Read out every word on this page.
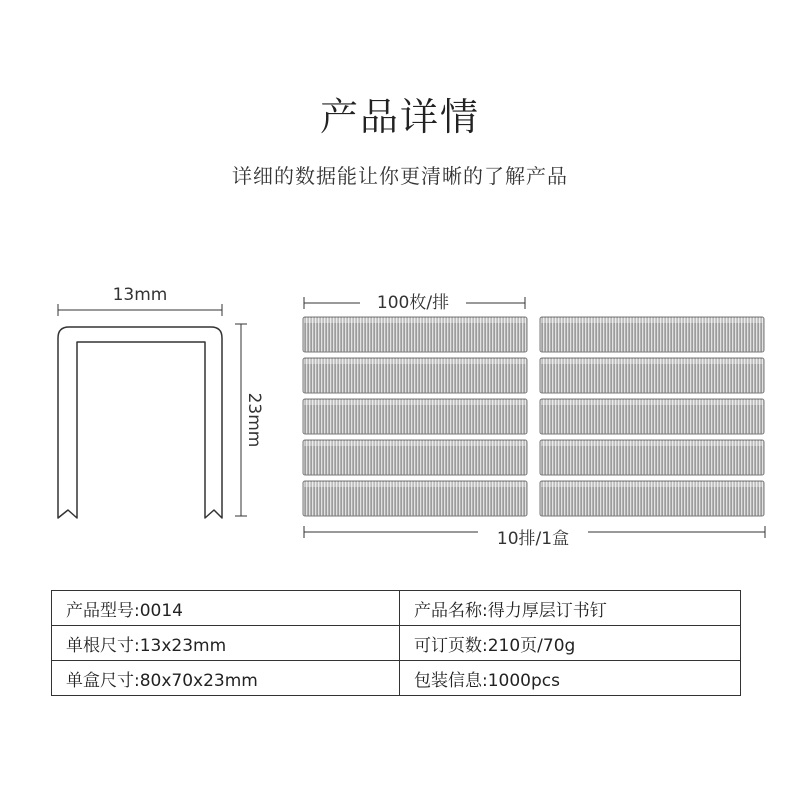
产品详情
详细的数据能让你更清晰的了解产品
13mm
23mm
100枚/排
10排/1盒
产品型号:0014	产品名称:得力厚层订书钉
单根尺寸:13x23mm	可订页数:210页/70g
单盒尺寸:80x70x23mm	包装信息:1000pcs
